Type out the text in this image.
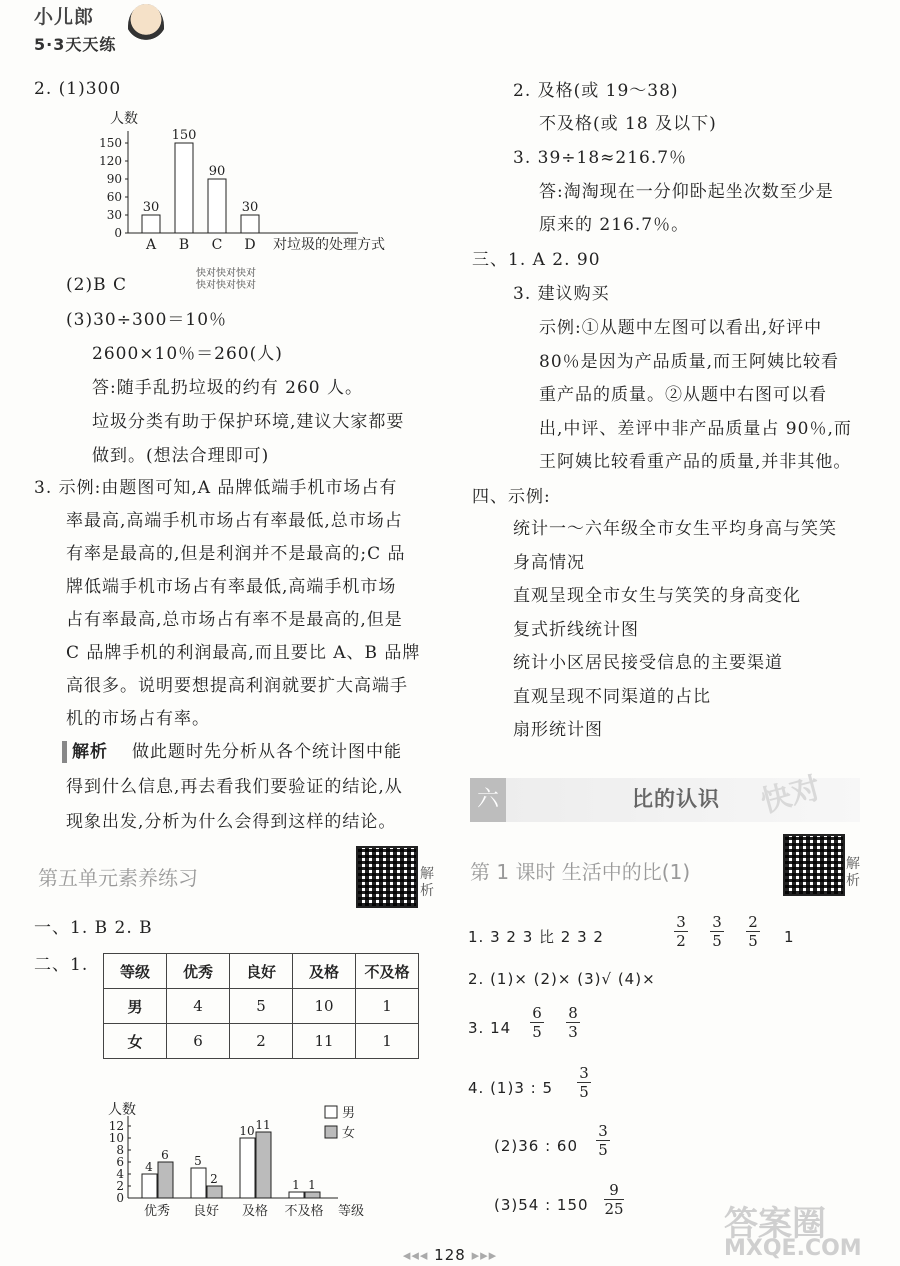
小儿郎
5·3天天练
2. (1)300
人数
150
120
90
60
30
0
30
A
150
B
90
C
30
D 对垃圾的处理方式
快对快对快对
快对快对快对
(2)B C
(3)30÷300＝10％
2600×10％＝260(人)
答:随手乱扔垃圾的约有 260 人。
垃圾分类有助于保护环境,建议大家都要
做到。(想法合理即可)
3. 示例:由题图可知,A 品牌低端手机市场占有
率最高,高端手机市场占有率最低,总市场占
有率是最高的,但是利润并不是最高的;C 品
牌低端手机市场占有率最低,高端手机市场
占有率最高,总市场占有率不是最高的,但是
C 品牌手机的利润最高,而且要比 A、B 品牌
高很多。说明要想提高利润就要扩大高端手
机的市场占有率。
解析 做此题时先分析从各个统计图中能
得到什么信息,再去看我们要验证的结论,从
现象出发,分析为什么会得到这样的结论。
第五单元素养练习	解析
一、1. B 2. B
二、1. 等级	优秀	良好	及格	不及格
男	4	5	10	1
女	6	2	11	1
人数
12
10
8
6
4
2
0
4
6
优秀
5
2
良好
10 11
及格
1 1
不及格 等级
男
女
2. 及格(或 19～38)
不及格(或 18 及以下)
3. 39÷18≈216.7％
答:淘淘现在一分仰卧起坐次数至少是
原来的 216.7％。
三、1. A 2. 90
3. 建议购买
示例:①从题中左图可以看出,好评中
80％是因为产品质量,而王阿姨比较看
重产品的质量。②从题中右图可以看
出,中评、差评中非产品质量占 90％,而
王阿姨比较看重产品的质量,并非其他。
四、示例:
统计一～六年级全市女生平均身高与笑笑
身高情况
直观呈现全市女生与笑笑的身高变化
复式折线统计图
统计小区居民接受信息的主要渠道
直观呈现不同渠道的占比
扇形统计图
六	比的认识
第 1 课时 生活中的比(1)	解析
1. 3 2 3 比 2 3 2
3
2
3
5
2
5 1
2. (1)× (2)× (3)√ (4)×
3. 14
6
5
8
3
4. (1)3 : 5
3
5
(2)36 : 60
3
5
(3)54 : 150
9
25
快对
答案圈
MXQE.COM
◂◂◂ 128 ▸▸▸
